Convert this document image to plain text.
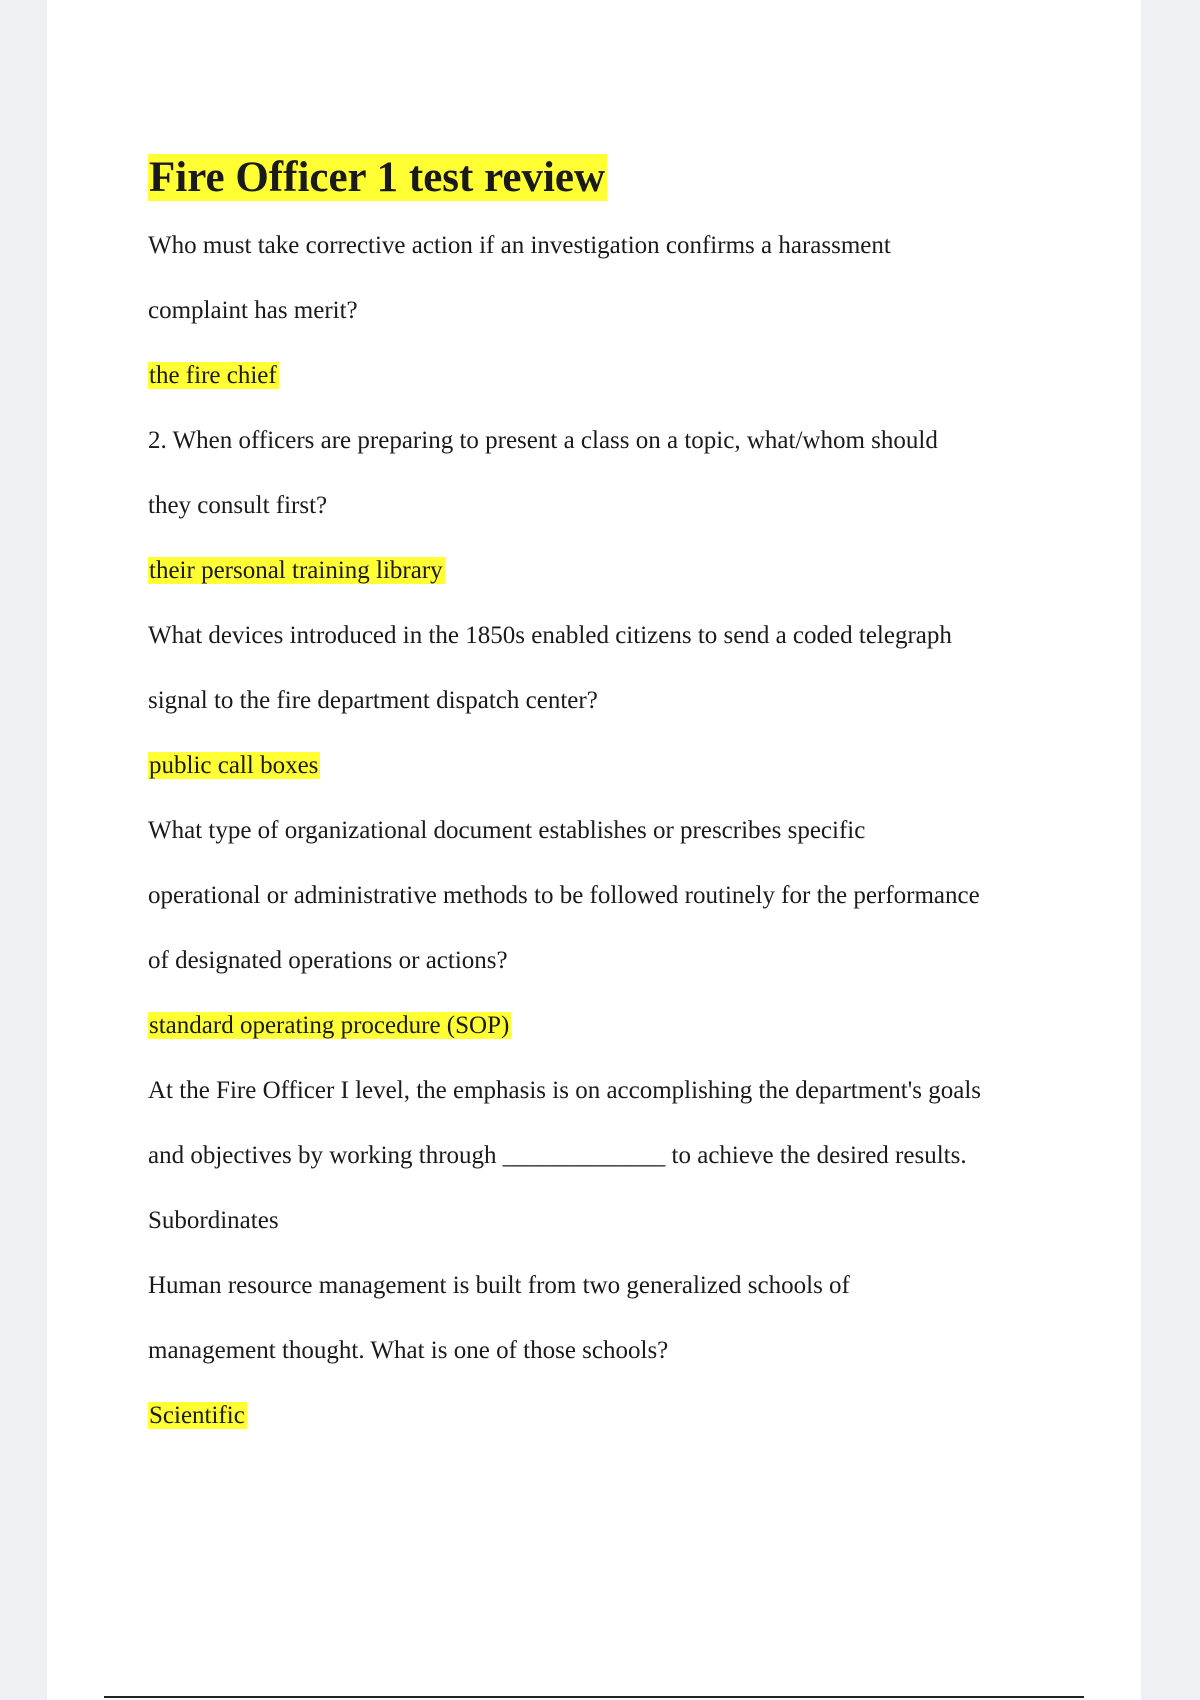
Fire Officer 1 test review
Who must take corrective action if an investigation confirms a harassment
complaint has merit?
the fire chief
2. When officers are preparing to present a class on a topic, what/whom should
they consult first?
their personal training library
What devices introduced in the 1850s enabled citizens to send a coded telegraph
signal to the fire department dispatch center?
public call boxes
What type of organizational document establishes or prescribes specific
operational or administrative methods to be followed routinely for the performance
of designated operations or actions?
standard operating procedure (SOP)
At the Fire Officer I level, the emphasis is on accomplishing the department's goals
and objectives by working through _____________ to achieve the desired results.
Subordinates
Human resource management is built from two generalized schools of
management thought. What is one of those schools?
Scientific
